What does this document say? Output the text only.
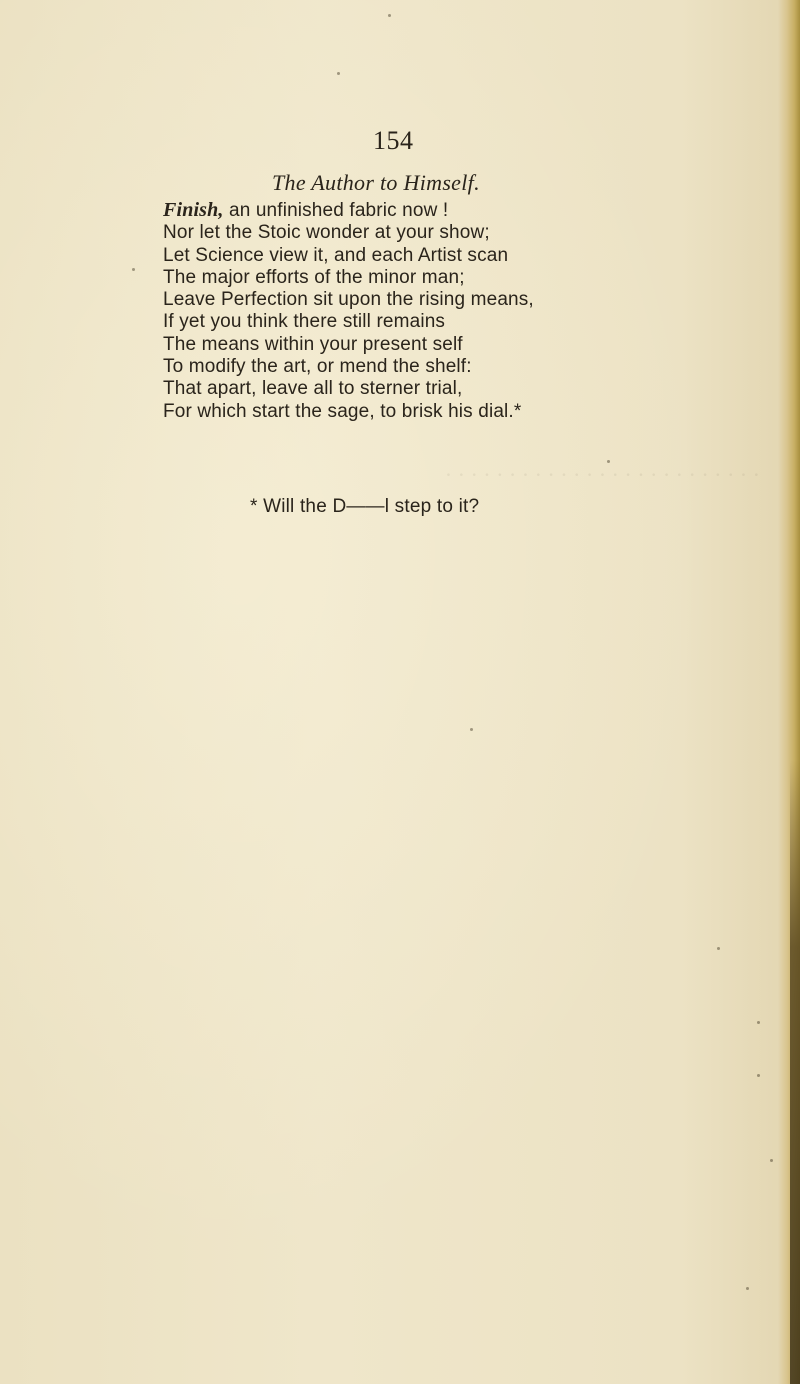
· · · · · · · · · · · · · · · · · · · · · · · · ·
154
The Author to Himself.
Finish, an unfinished fabric now !
Nor let the Stoic wonder at your show;
Let Science view it, and each Artist scan
The major efforts of the minor man;
Leave Perfection sit upon the rising means,
If yet you think there still remains
The means within your present self
To modify the art, or mend the shelf:
That apart, leave all to sterner trial,
For which start the sage, to brisk his dial.*
* Will the D——l step to it?
